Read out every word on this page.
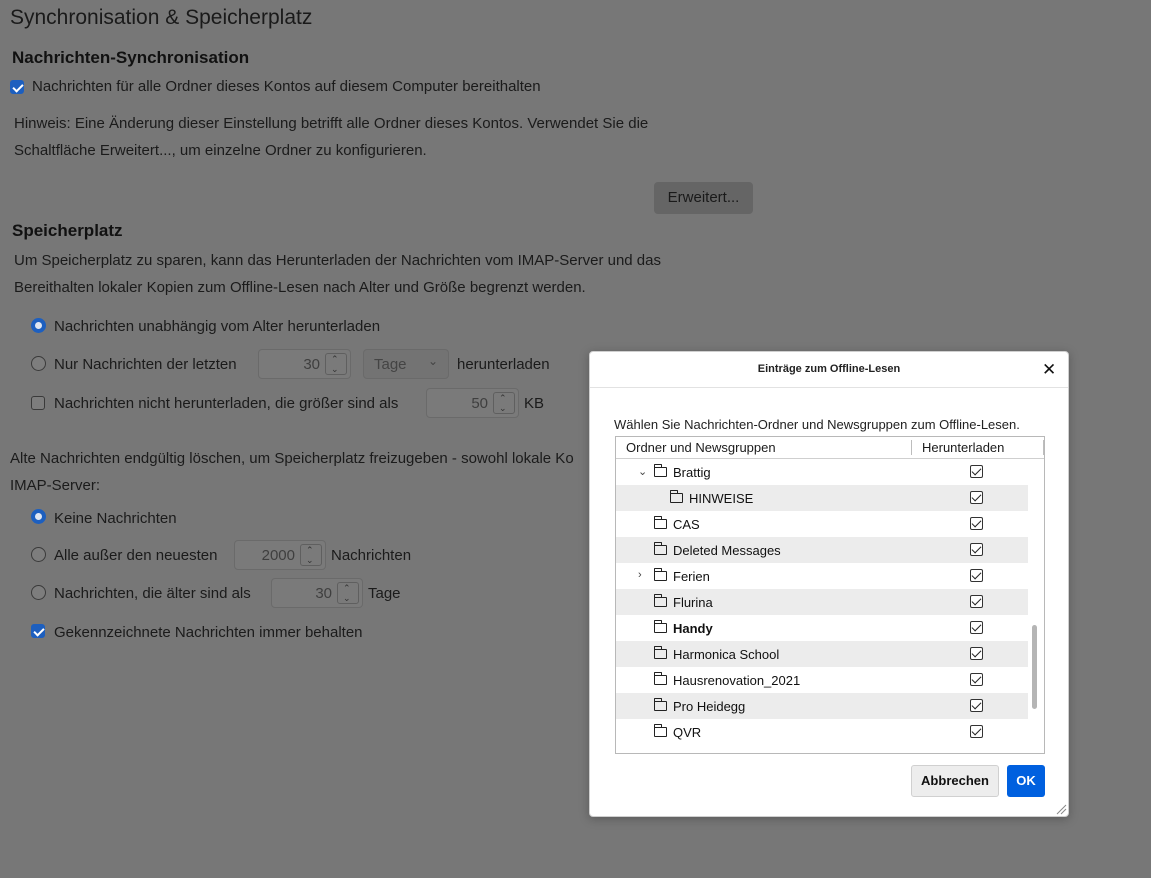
Synchronisation & Speicherplatz
Nachrichten-Synchronisation
Nachrichten für alle Ordner dieses Kontos auf diesem Computer bereithalten
Hinweis: Eine Änderung dieser Einstellung betrifft alle Ordner dieses Kontos. Verwendet Sie die
Schaltfläche Erweitert..., um einzelne Ordner zu konfigurieren.
Erweitert...
Speicherplatz
Um Speicherplatz zu sparen, kann das Herunterladen der Nachrichten vom IMAP-Server und das
Bereithalten lokaler Kopien zum Offline-Lesen nach Alter und Größe begrenzt werden.
Nachrichten unabhängig vom Alter herunterladen
Nur Nachrichten der letzten	30 ⌃
⌄ Tage ⌄ herunterladen
Nachrichten nicht herunterladen, die größer sind als	50 ⌃
⌄ KB
Alte Nachrichten endgültig löschen, um Speicherplatz freizugeben - sowohl lokale Ko
IMAP-Server:
Keine Nachrichten
Alle außer den neuesten	2000 ⌃
⌄ Nachrichten
Nachrichten, die älter sind als	30 ⌃
⌄ Tage
Gekennzeichnete Nachrichten immer behalten
Einträge zum Offline-Lesen	✕
Wählen Sie Nachrichten-Ordner und Newsgruppen zum Offline-Lesen.
Ordner und Newsgruppen	Herunterladen
⌄ Brattig
HINWEISE
CAS
Deleted Messages
› Ferien
Flurina
Handy
Harmonica School
Hausrenovation_2021
Pro Heidegg
QVR
Abbrechen	OK
